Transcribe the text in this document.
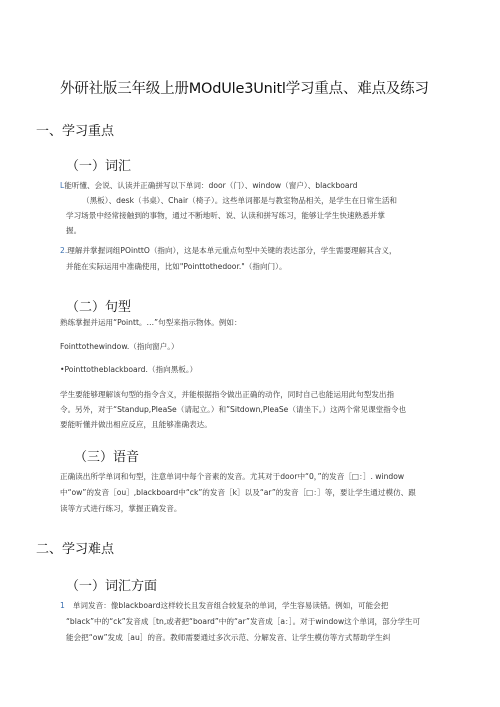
外研社版三年级上册MOdUle3Unitl学习重点、难点及练习
一、学习重点
（一）词汇
L能听懂、会说、认读并正确拼写以下单词：door（门）、window（窗户）、blackboard
（黑板）、desk（书桌）、Chair（椅子）。这些单词都是与教室物品相关，是学生在日常生活和
学习场景中经常接触到的事物，通过不断地听、说、认读和拼写练习，能够让学生快速熟悉并掌
握。
2.理解并掌握词组POinttO（指向），这是本单元重点句型中关键的表达部分，学生需要理解其含义，
并能在实际运用中准确使用，比如"Pointtothedoor."（指向门）。
（二）句型
熟练掌握并运用“Pointt。…”句型来指示物体。例如：
Fointtothewindow.（指向窗户。）
•Pointtotheblackboard.（指向黑板。）
学生要能够理解该句型的指令含义，并能根据指令做出正确的动作，同时自己也能运用此句型发出指
令。另外，对于“Standup,PleaSe（请起立。）和”Sitdown,PleaSe（请坐下。）这两个常见课堂指令也
要能听懂并做出相应反应，且能够准确表达。
（三）语音
正确读出所学单词和句型，注意单词中每个音素的发音。尤其对于door中“0，”的发音［□：］. window
中“ow”的发音［ou］,blackboard中“ck”的发音［k］以及“ar”的发音［□：］等，要让学生通过模仿、跟
读等方式进行练习，掌握正确发音。
二、学习难点
（一）词汇方面
1 单词发音：像blackboard这样较长且发音组合较复杂的单词，学生容易读错。例如，可能会把
“black”中的“ck”发音成［tn,或者把“board”中的“ar”发音成［a：］。对于window这个单词，部分学生可
能会把“ow”发成［au］的音。教师需要通过多次示范、分解发音、让学生模仿等方式帮助学生纠
